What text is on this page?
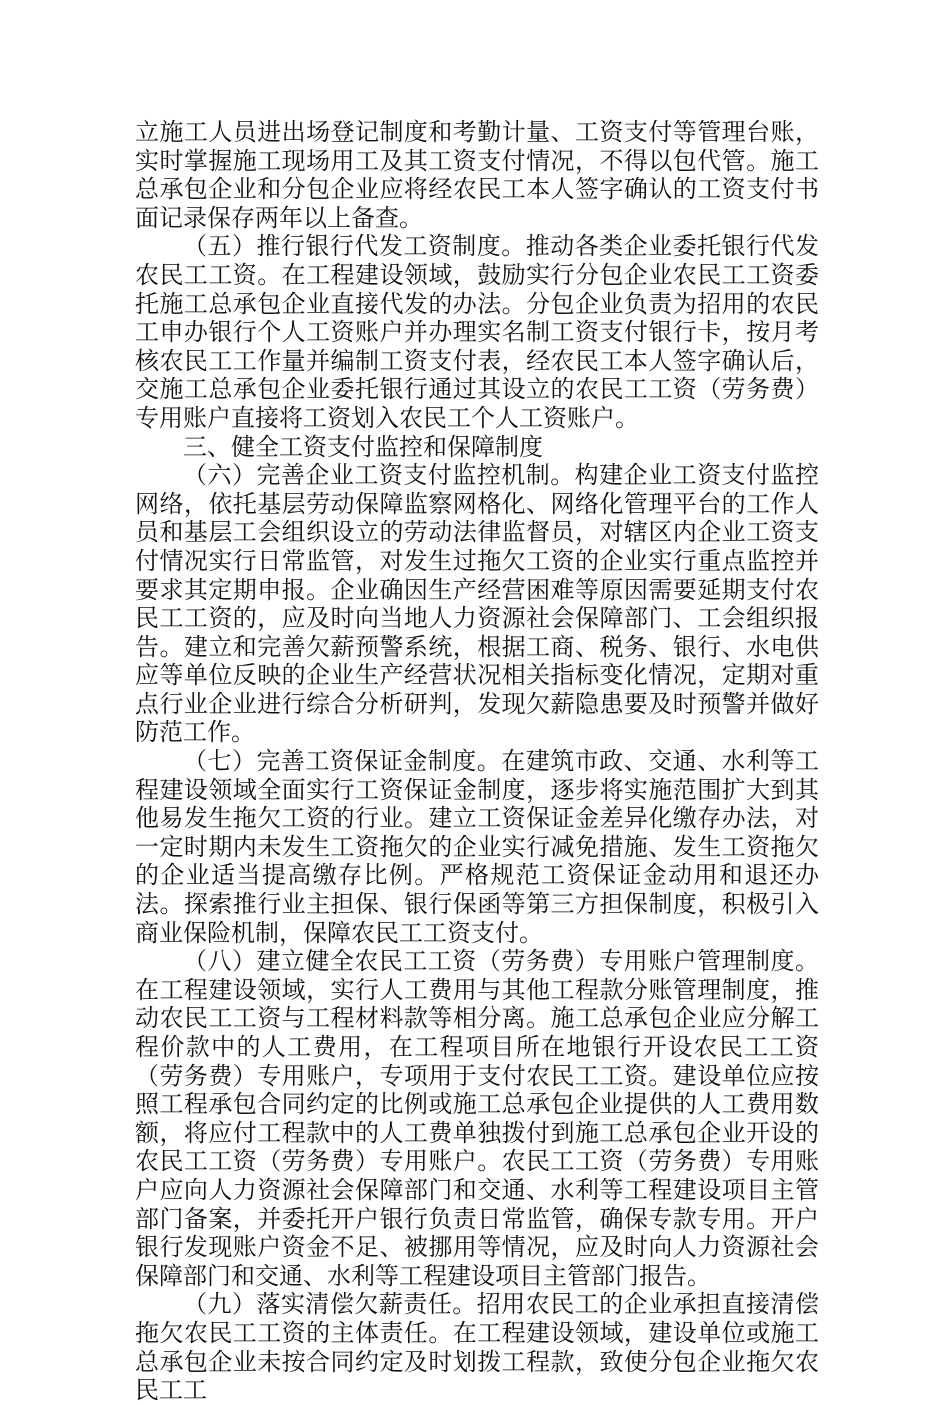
立施工人员进出场登记制度和考勤计量、工资支付等管理台账，实时掌握施工现场用工及其工资支付情况，不得以包代管。施工总承包企业和分包企业应将经农民工本人签字确认的工资支付书面记录保存两年以上备查。

（五）推行银行代发工资制度。推动各类企业委托银行代发农民工工资。在工程建设领域，鼓励实行分包企业农民工工资委托施工总承包企业直接代发的办法。分包企业负责为招用的农民工申办银行个人工资账户并办理实名制工资支付银行卡，按月考核农民工工作量并编制工资支付表，经农民工本人签字确认后，交施工总承包企业委托银行通过其设立的农民工工资（劳务费）专用账户直接将工资划入农民工个人工资账户。

三、健全工资支付监控和保障制度

（六）完善企业工资支付监控机制。构建企业工资支付监控网络，依托基层劳动保障监察网格化、网络化管理平台的工作人员和基层工会组织设立的劳动法律监督员，对辖区内企业工资支付情况实行日常监管，对发生过拖欠工资的企业实行重点监控并要求其定期申报。企业确因生产经营困难等原因需要延期支付农民工工资的，应及时向当地人力资源社会保障部门、工会组织报告。建立和完善欠薪预警系统，根据工商、税务、银行、水电供应等单位反映的企业生产经营状况相关指标变化情况，定期对重点行业企业进行综合分析研判，发现欠薪隐患要及时预警并做好防范工作。

（七）完善工资保证金制度。在建筑市政、交通、水利等工程建设领域全面实行工资保证金制度，逐步将实施范围扩大到其他易发生拖欠工资的行业。建立工资保证金差异化缴存办法，对一定时期内未发生工资拖欠的企业实行减免措施、发生工资拖欠的企业适当提高缴存比例。严格规范工资保证金动用和退还办法。探索推行业主担保、银行保函等第三方担保制度，积极引入商业保险机制，保障农民工工资支付。

（八）建立健全农民工工资（劳务费）专用账户管理制度。在工程建设领域，实行人工费用与其他工程款分账管理制度，推动农民工工资与工程材料款等相分离。施工总承包企业应分解工程价款中的人工费用，在工程项目所在地银行开设农民工工资（劳务费）专用账户，专项用于支付农民工工资。建设单位应按照工程承包合同约定的比例或施工总承包企业提供的人工费用数额，将应付工程款中的人工费单独拨付到施工总承包企业开设的农民工工资（劳务费）专用账户。农民工工资（劳务费）专用账户应向人力资源社会保障部门和交通、水利等工程建设项目主管部门备案，并委托开户银行负责日常监管，确保专款专用。开户银行发现账户资金不足、被挪用等情况，应及时向人力资源社会保障部门和交通、水利等工程建设项目主管部门报告。

（九）落实清偿欠薪责任。招用农民工的企业承担直接清偿拖欠农民工工资的主体责任。在工程建设领域，建设单位或施工总承包企业未按合同约定及时划拨工程款，致使分包企业拖欠农民工工
